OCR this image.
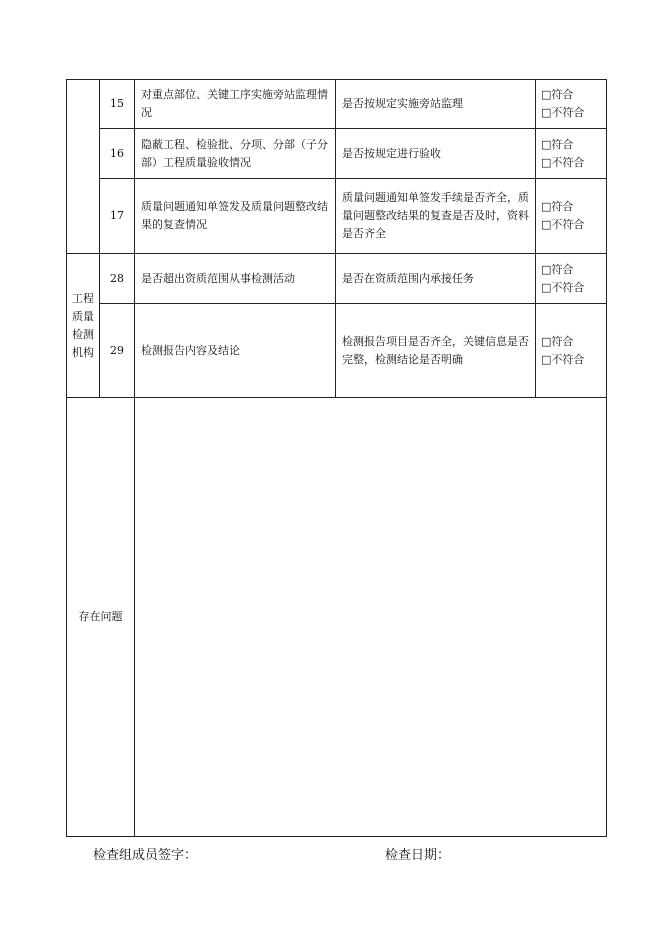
	15	对重点部位、关键工序实施旁站监理情况	是否按规定实施旁站监理	□符合
□不符合

	16	隐蔽工程、检验批、分项、分部（子分部）工程质量验收情况	是否按规定进行验收	□符合
□不符合

	17	质量问题通知单签发及质量问题整改结果的复查情况	质量问题通知单签发手续是否齐全，质量问题整改结果的复查是否及时，资料是否齐全	□符合
□不符合

工程质量检测机构	28	是否超出资质范围从事检测活动	是否在资质范围内承接任务	□符合
□不符合

	29	检测报告内容及结论	检测报告项目是否齐全，关键信息是否完整，检测结论是否明确	□符合
□不符合

存在问题				
检查组成员签字：	检查日期：
